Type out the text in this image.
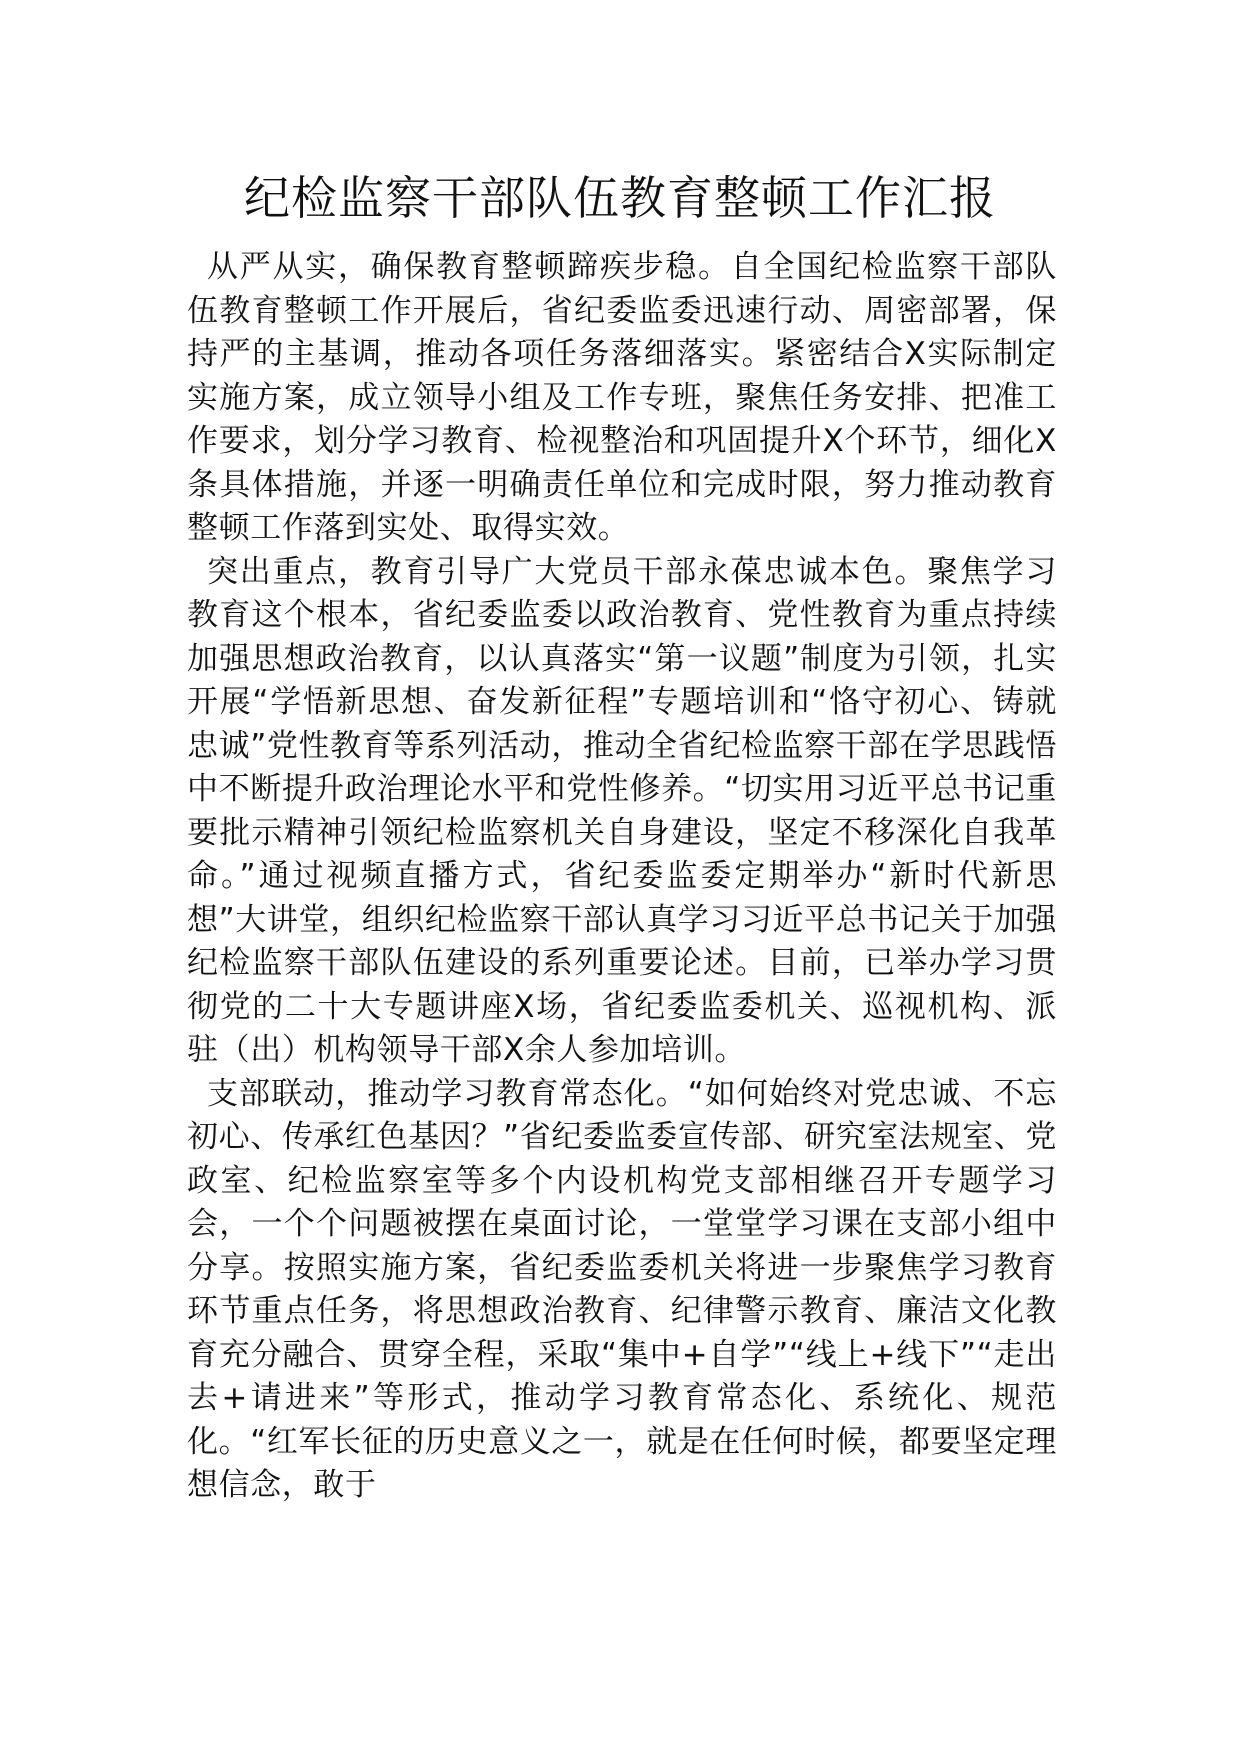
纪检监察干部队伍教育整顿工作汇报

从严从实，确保教育整顿蹄疾步稳。自全国纪检监察干部队伍教育整顿工作开展后，省纪委监委迅速行动、周密部署，保持严的主基调，推动各项任务落细落实。紧密结合X实际制定实施方案，成立领导小组及工作专班，聚焦任务安排、把准工作要求，划分学习教育、检视整治和巩固提升X个环节，细化X条具体措施，并逐一明确责任单位和完成时限，努力推动教育整顿工作落到实处、取得实效。

突出重点，教育引导广大党员干部永葆忠诚本色。聚焦学习教育这个根本，省纪委监委以政治教育、党性教育为重点持续加强思想政治教育，以认真落实“第一议题”制度为引领，扎实开展“学悟新思想、奋发新征程”专题培训和“恪守初心、铸就忠诚”党性教育等系列活动，推动全省纪检监察干部在学思践悟中不断提升政治理论水平和党性修养。“切实用习近平总书记重要批示精神引领纪检监察机关自身建设，坚定不移深化自我革命。”通过视频直播方式，省纪委监委定期举办“新时代新思想”大讲堂，组织纪检监察干部认真学习习近平总书记关于加强纪检监察干部队伍建设的系列重要论述。目前，已举办学习贯彻党的二十大专题讲座X场，省纪委监委机关、巡视机构、派驻（出）机构领导干部X余人参加培训。

支部联动，推动学习教育常态化。“如何始终对党忠诚、不忘初心、传承红色基因？”省纪委监委宣传部、研究室法规室、党政室、纪检监察室等多个内设机构党支部相继召开专题学习会，一个个问题被摆在桌面讨论，一堂堂学习课在支部小组中分享。按照实施方案，省纪委监委机关将进一步聚焦学习教育环节重点任务，将思想政治教育、纪律警示教育、廉洁文化教育充分融合、贯穿全程，采取“集中+自学”“线上+线下”“走出去+请进来”等形式，推动学习教育常态化、系统化、规范化。“红军长征的历史意义之一，就是在任何时候，都要坚定理想信念，敢于
